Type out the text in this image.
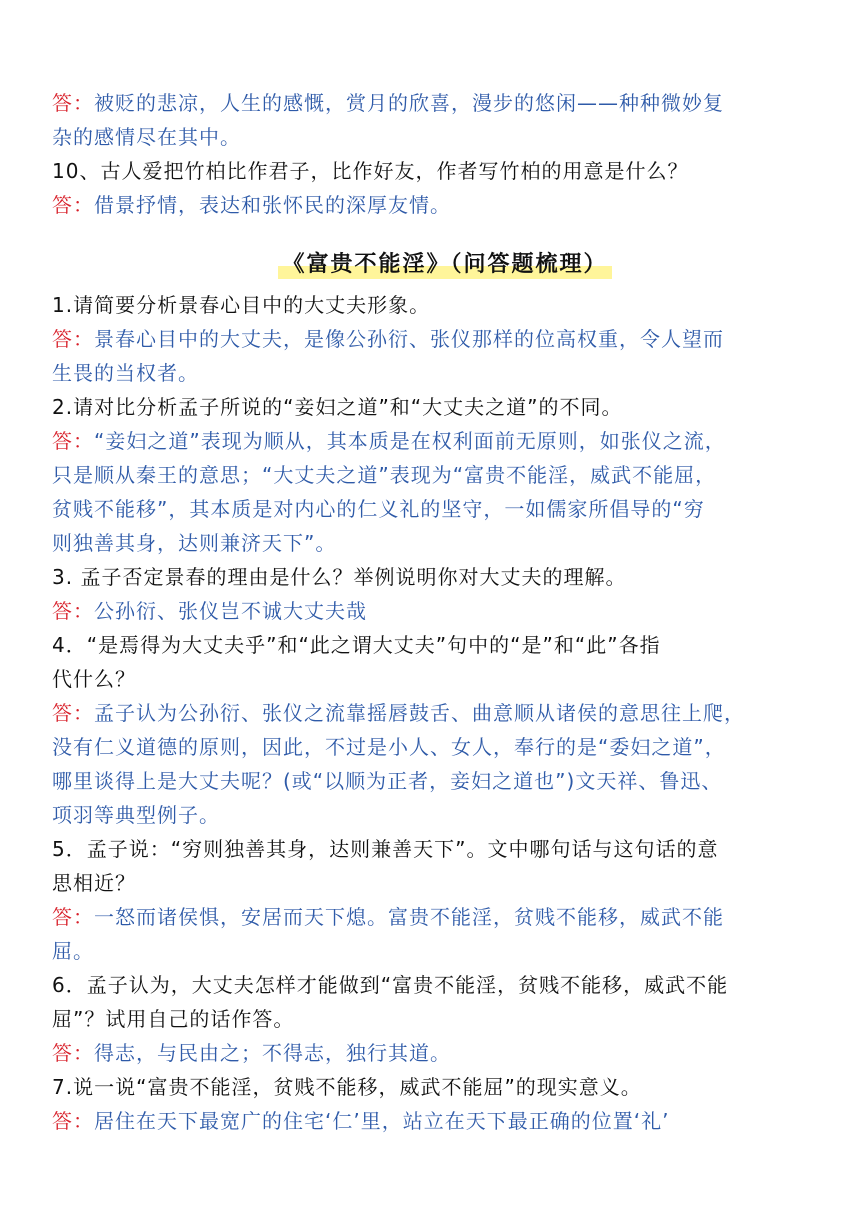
答：被贬的悲凉，人生的感慨，赏月的欣喜，漫步的悠闲——种种微妙复
杂的感情尽在其中。
10、古人爱把竹柏比作君子，比作好友，作者写竹柏的用意是什么？
答：借景抒情，表达和张怀民的深厚友情。
《富贵不能淫》（问答题梳理）
1.请简要分析景春心目中的大丈夫形象。
答：景春心目中的大丈夫，是像公孙衍、张仪那样的位高权重，令人望而
生畏的当权者。
2.请对比分析孟子所说的“妾妇之道”和“大丈夫之道”的不同。
答：“妾妇之道”表现为顺从，其本质是在权利面前无原则，如张仪之流，
只是顺从秦王的意思；“大丈夫之道”表现为“富贵不能淫，威武不能屈，
贫贱不能移”，其本质是对内心的仁义礼的坚守，一如儒家所倡导的“穷
则独善其身，达则兼济天下”。
3. 孟子否定景春的理由是什么？举例说明你对大丈夫的理解。
答：公孙衍、张仪岂不诚大丈夫哉
4．“是焉得为大丈夫乎”和“此之谓大丈夫”句中的“是”和“此”各指
代什么？
答：孟子认为公孙衍、张仪之流靠摇唇鼓舌、曲意顺从诸侯的意思往上爬，
没有仁义道德的原则，因此，不过是小人、女人，奉行的是“委妇之道”，
哪里谈得上是大丈夫呢？(或“以顺为正者，妾妇之道也”)文天祥、鲁迅、
项羽等典型例子。
5．孟子说：“穷则独善其身，达则兼善天下”。文中哪句话与这句话的意
思相近？
答：一怒而诸侯惧，安居而天下熄。富贵不能淫，贫贱不能移，威武不能
屈。
6．孟子认为，大丈夫怎样才能做到“富贵不能淫，贫贱不能移，威武不能
屈”？试用自己的话作答。
答：得志，与民由之；不得志，独行其道。
7.说一说“富贵不能淫，贫贱不能移，威武不能屈”的现实意义。
答：居住在天下最宽广的住宅‘仁’里，站立在天下最正确的位置‘礼’
